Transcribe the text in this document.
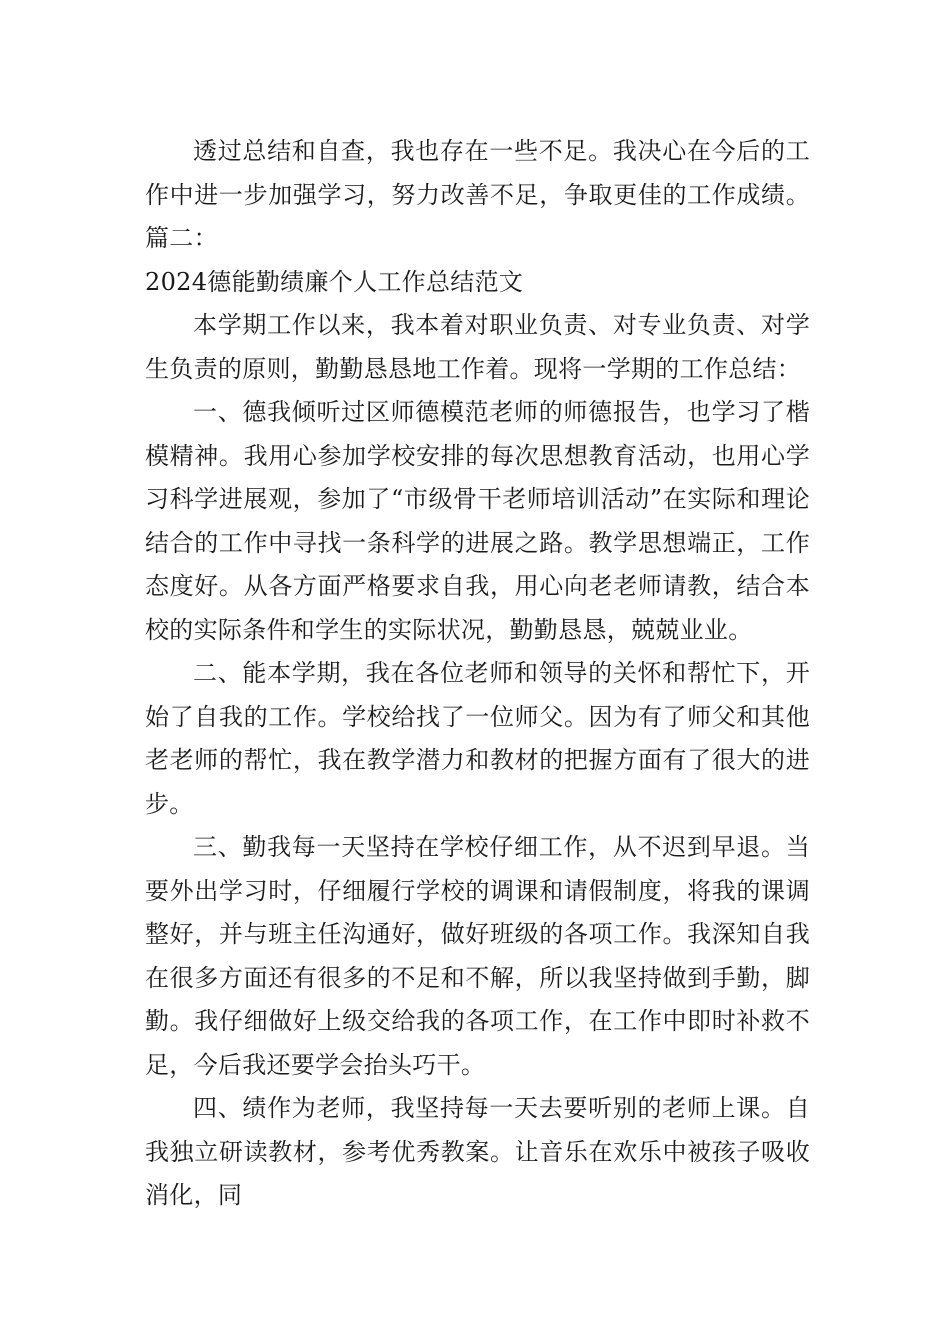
透过总结和自查，我也存在一些不足。我决心在今后的工作中进一步加强学习，努力改善不足，争取更佳的工作成绩。篇二：

2024德能勤绩廉个人工作总结范文

本学期工作以来，我本着对职业负责、对专业负责、对学生负责的原则，勤勤恳恳地工作着。现将一学期的工作总结：

一、德我倾听过区师德模范老师的师德报告，也学习了楷模精神。我用心参加学校安排的每次思想教育活动，也用心学习科学进展观，参加了“市级骨干老师培训活动”在实际和理论结合的工作中寻找一条科学的进展之路。教学思想端正，工作态度好。从各方面严格要求自我，用心向老老师请教，结合本校的实际条件和学生的实际状况，勤勤恳恳，兢兢业业。

二、能本学期，我在各位老师和领导的关怀和帮忙下，开始了自我的工作。学校给找了一位师父。因为有了师父和其他老老师的帮忙，我在教学潜力和教材的把握方面有了很大的进步。

三、勤我每一天坚持在学校仔细工作，从不迟到早退。当要外出学习时，仔细履行学校的调课和请假制度，将我的课调整好，并与班主任沟通好，做好班级的各项工作。我深知自我在很多方面还有很多的不足和不解，所以我坚持做到手勤，脚勤。我仔细做好上级交给我的各项工作，在工作中即时补救不足，今后我还要学会抬头巧干。

四、绩作为老师，我坚持每一天去要听别的老师上课。自我独立研读教材，参考优秀教案。让音乐在欢乐中被孩子吸收消化，同
